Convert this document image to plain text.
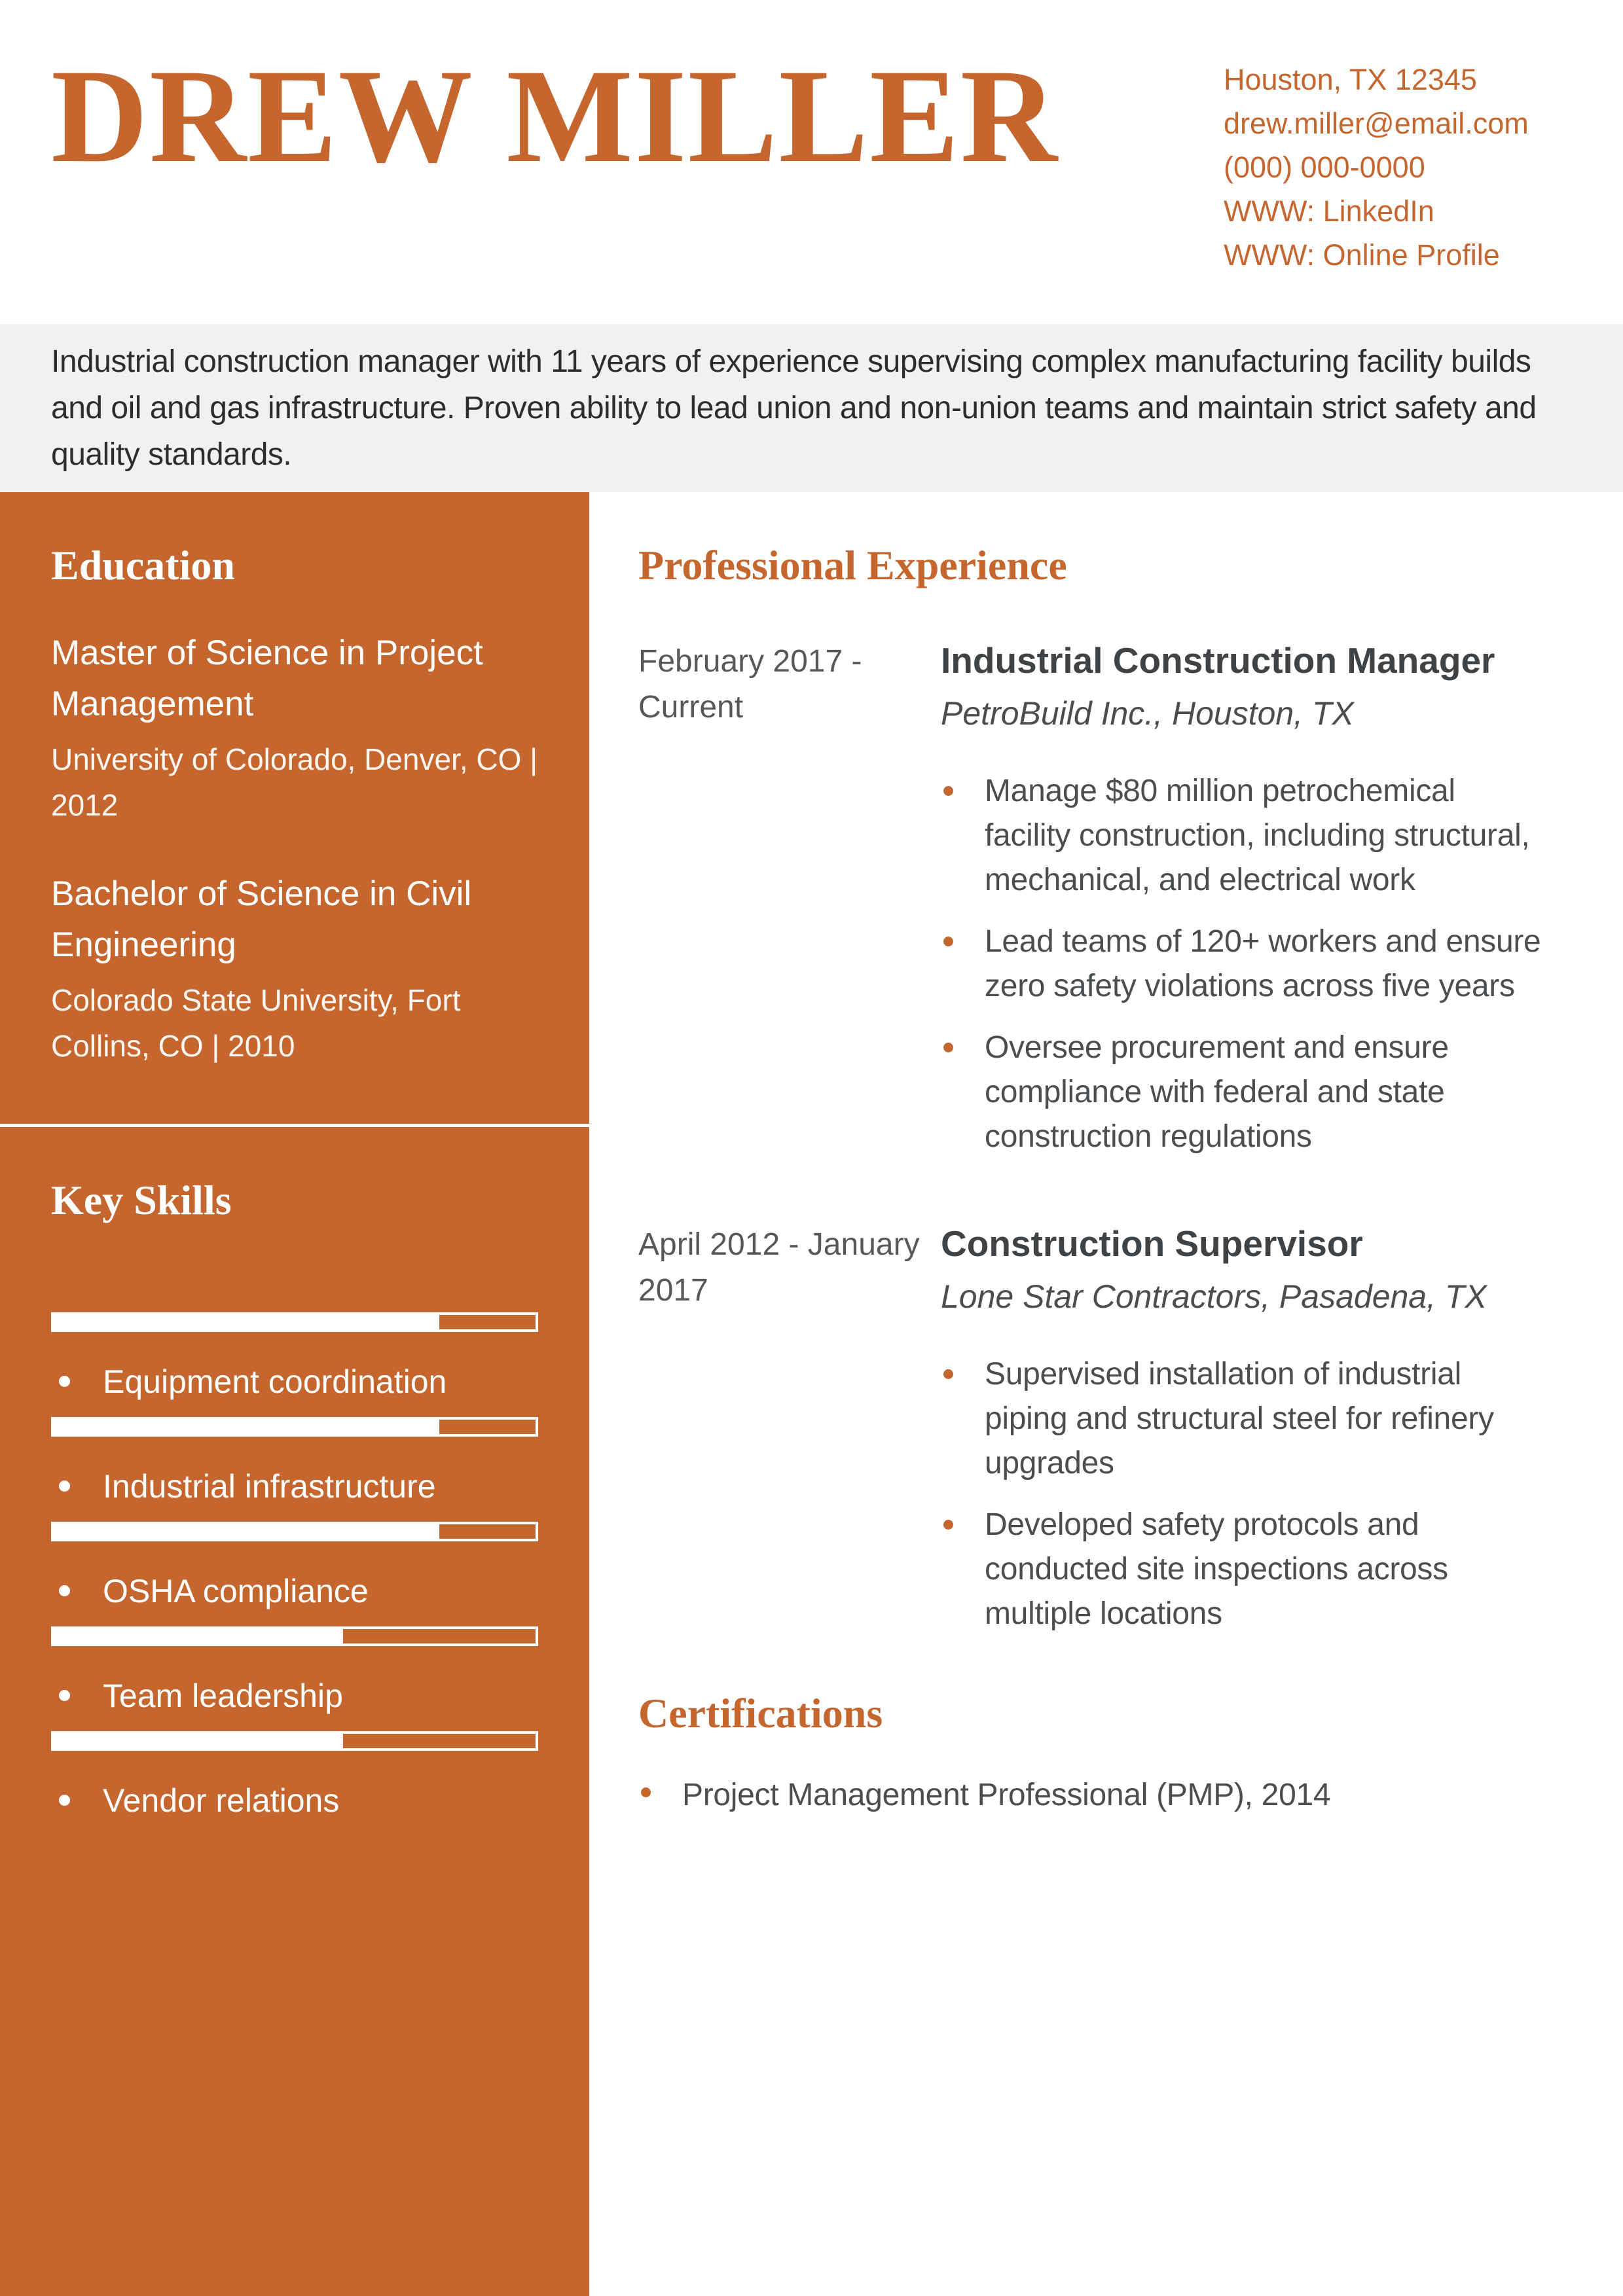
DREW MILLER	Houston, TX 12345
drew.miller@email.com
(000) 000-0000
WWW: LinkedIn
WWW: Online Profile

Industrial construction manager with 11 years of experience supervising complex manufacturing facility builds and oil and gas infrastructure. Proven ability to lead union and non-union teams and maintain strict safety and quality standards.

Education
Master of Science in Project Management
University of Colorado, Denver, CO | 2012
Bachelor of Science in Civil Engineering
Colorado State University, Fort Collins, CO | 2010
Key Skills
Equipment coordination
Industrial infrastructure
OSHA compliance
Team leadership
Vendor relations
Professional Experience
February 2017 - Current
Industrial Construction Manager
PetroBuild Inc., Houston, TX
Manage $80 million petrochemical facility construction, including structural, mechanical, and electrical work
Lead teams of 120+ workers and ensure zero safety violations across five years
Oversee procurement and ensure compliance with federal and state construction regulations
April 2012 - January 2017
Construction Supervisor
Lone Star Contractors, Pasadena, TX
Supervised installation of industrial piping and structural steel for refinery upgrades
Developed safety protocols and conducted site inspections across multiple locations
Certifications
Project Management Professional (PMP), 2014
